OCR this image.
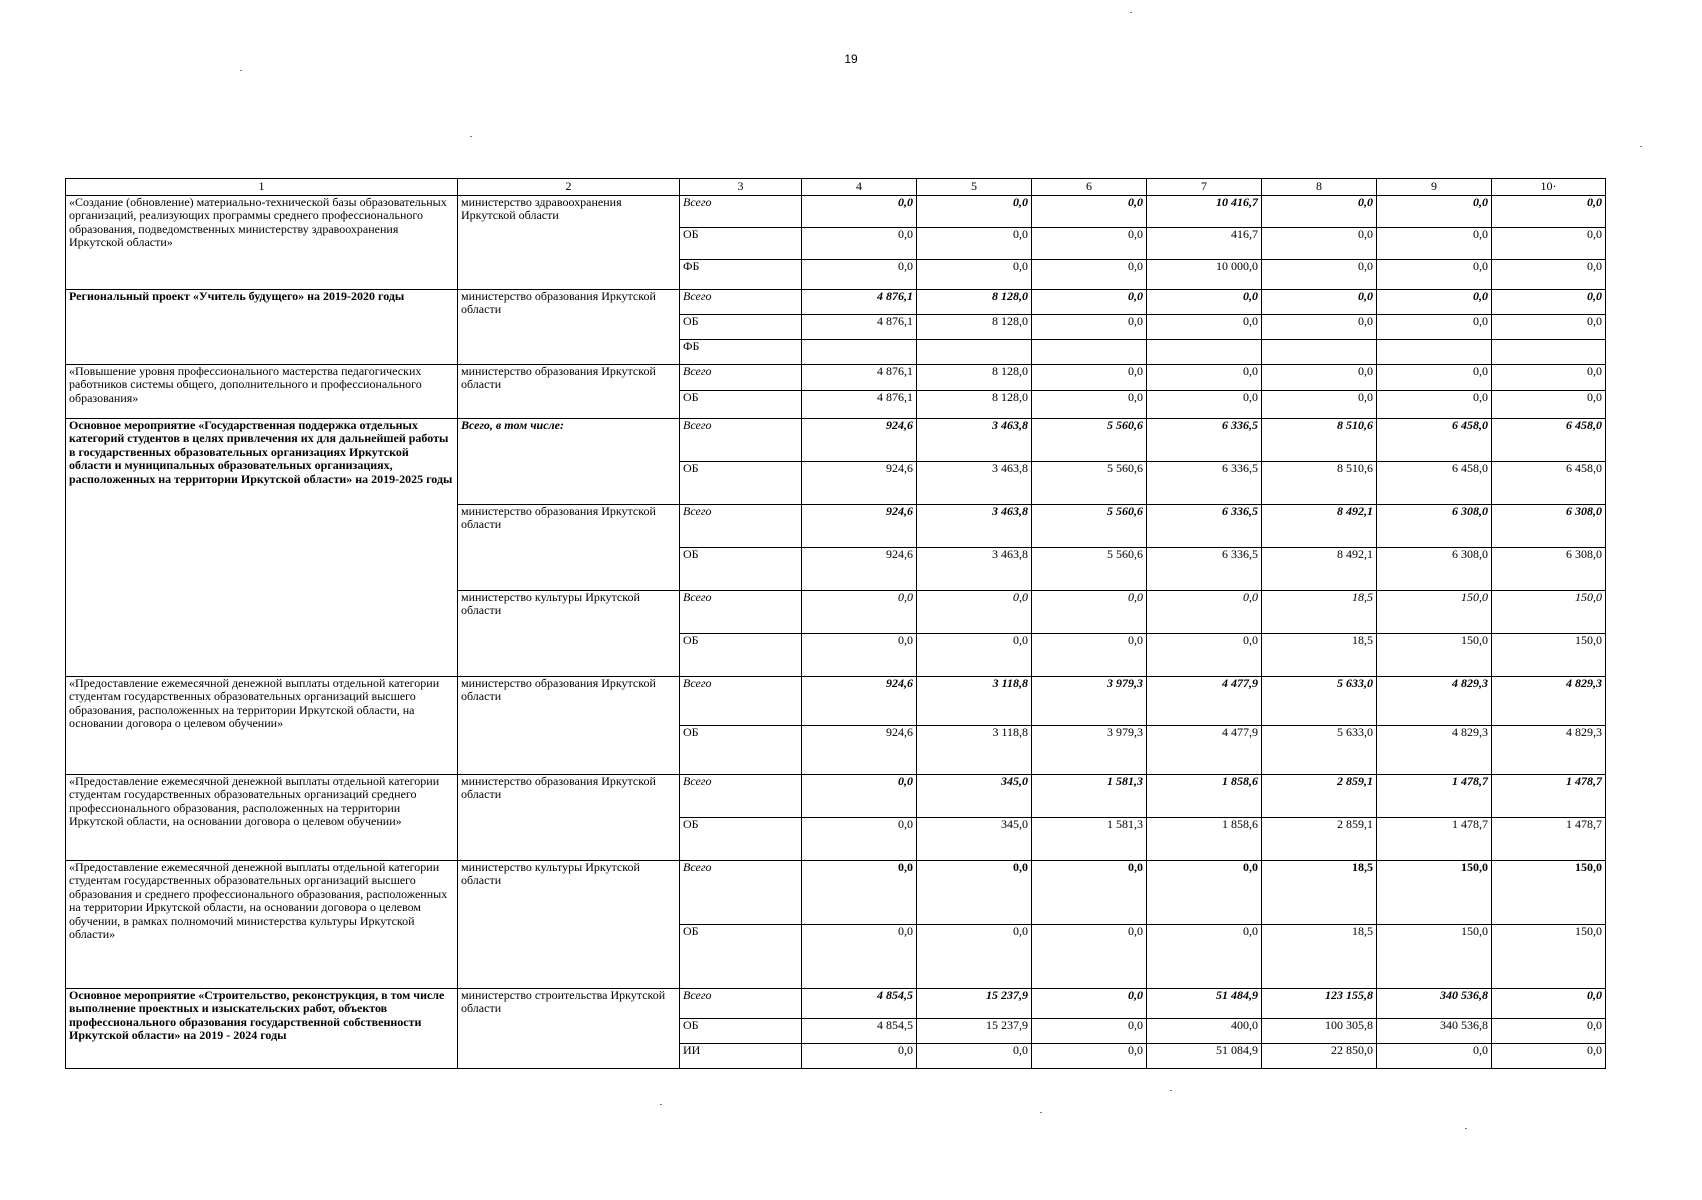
19
1	2	3	4	5	6	7	8	9	10·
«Создание (обновление) материально-технической базы образовательных организаций, реализующих программы среднего профессионального образования, подведомственных министерству здравоохранения Иркутской области»	министерство здравоохранения Иркутской области	Всего	0,0	0,0	0,0	10 416,7	0,0	0,0	0,0
		ОБ	0,0	0,0	0,0	416,7	0,0	0,0	0,0
		ФБ	0,0	0,0	0,0	10 000,0	0,0	0,0	0,0
Региональный проект «Учитель будущего» на 2019-2020 годы	министерство образования Иркутской области	Всего	4 876,1	8 128,0	0,0	0,0	0,0	0,0	0,0
		ОБ	4 876,1	8 128,0	0,0	0,0	0,0	0,0	0,0
		ФБ							
«Повышение уровня профессионального мастерства педагогических работников системы общего, дополнительного и профессионального образования»	министерство образования Иркутской области	Всего	4 876,1	8 128,0	0,0	0,0	0,0	0,0	0,0
		ОБ	4 876,1	8 128,0	0,0	0,0	0,0	0,0	0,0
Основное мероприятие «Государственная поддержка отдельных категорий студентов в целях привлечения их для дальнейшей работы в государственных образовательных организациях Иркутской области и муниципальных образовательных организациях, расположенных на территории Иркутской области» на 2019-2025 годы	Всего, в том числе:	Всего	924,6	3 463,8	5 560,6	6 336,5	8 510,6	6 458,0	6 458,0
		ОБ	924,6	3 463,8	5 560,6	6 336,5	8 510,6	6 458,0	6 458,0
	министерство образования Иркутской области	Всего	924,6	3 463,8	5 560,6	6 336,5	8 492,1	6 308,0	6 308,0
		ОБ	924,6	3 463,8	5 560,6	6 336,5	8 492,1	6 308,0	6 308,0
	министерство культуры Иркутской области	Всего	0,0	0,0	0,0	0,0	18,5	150,0	150,0
		ОБ	0,0	0,0	0,0	0,0	18,5	150,0	150,0
«Предоставление ежемесячной денежной выплаты отдельной категории студентам государственных образовательных организаций высшего образования, расположенных на территории Иркутской области, на основании договора о целевом обучении»	министерство образования Иркутской области	Всего	924,6	3 118,8	3 979,3	4 477,9	5 633,0	4 829,3	4 829,3
		ОБ	924,6	3 118,8	3 979,3	4 477,9	5 633,0	4 829,3	4 829,3
«Предоставление ежемесячной денежной выплаты отдельной категории студентам государственных образовательных организаций среднего профессионального образования, расположенных на территории Иркутской области, на основании договора о целевом обучении»	министерство образования Иркутской области	Всего	0,0	345,0	1 581,3	1 858,6	2 859,1	1 478,7	1 478,7
		ОБ	0,0	345,0	1 581,3	1 858,6	2 859,1	1 478,7	1 478,7
«Предоставление ежемесячной денежной выплаты отдельной категории студентам государственных образовательных организаций высшего образования и среднего профессионального образования, расположенных на территории Иркутской области, на основании договора о целевом обучении, в рамках полномочий министерства культуры Иркутской области»	министерство культуры Иркутской области	Всего	0,0	0,0	0,0	0,0	18,5	150,0	150,0
		ОБ	0,0	0,0	0,0	0,0	18,5	150,0	150,0
Основное мероприятие «Строительство, реконструкция, в том числе выполнение проектных и изыскательских работ, объектов профессионального образования государственной собственности Иркутской области» на 2019 - 2024 годы	министерство строительства Иркутской области	Всего	4 854,5	15 237,9	0,0	51 484,9	123 155,8	340 536,8	0,0
		ОБ	4 854,5	15 237,9	0,0	400,0	100 305,8	340 536,8	0,0
		ИИ	0,0	0,0	0,0	51 084,9	22 850,0	0,0	0,0
